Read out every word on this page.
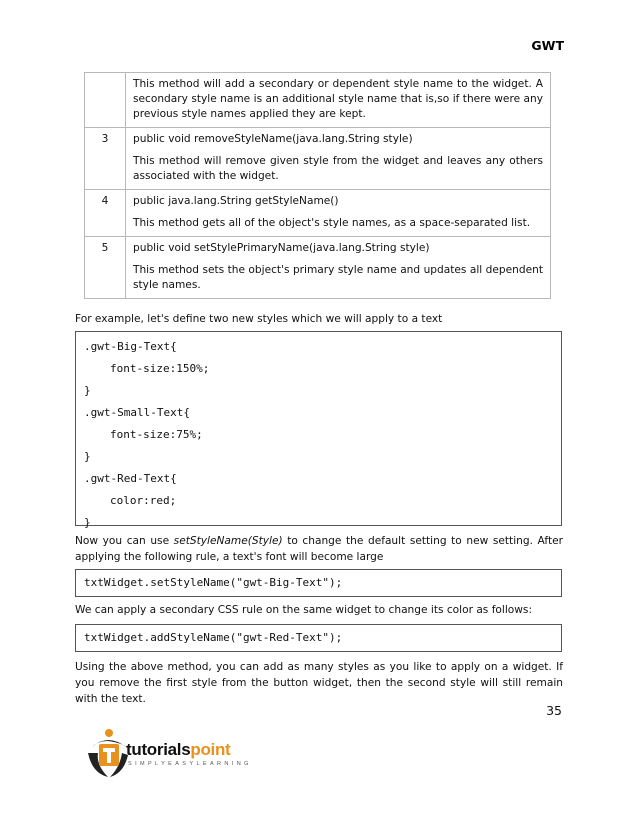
GWT

	This method will add a secondary or dependent style name to the widget. A secondary style name is an additional style name that is,so if there were any previous style names applied they are kept.

3	public void removeStyleName(java.lang.String style)

This method will remove given style from the widget and leaves any others associated with the widget.

4	public java.lang.String getStyleName()

This method gets all of the object's style names, as a space-separated list.

5	public void setStylePrimaryName(java.lang.String style)

This method sets the object's primary style name and updates all dependent style names.

For example, let's define two new styles which we will apply to a text

.gwt-Big-Text{
font-size:150%;
}
.gwt-Small-Text{
font-size:75%;
}
.gwt-Red-Text{
color:red;
}

Now you can use setStyleName(Style) to change the default setting to new setting. After applying the following rule, a text's font will become large

txtWidget.setStyleName("gwt-Big-Text");

We can apply a secondary CSS rule on the same widget to change its color as follows:

txtWidget.addStyleName("gwt-Red-Text");

Using the above method, you can add as many styles as you like to apply on a widget. If you remove the first style from the button widget, then the second style will still remain with the text.

35
tutorialspoint
SIMPLYEASYLEARNING
